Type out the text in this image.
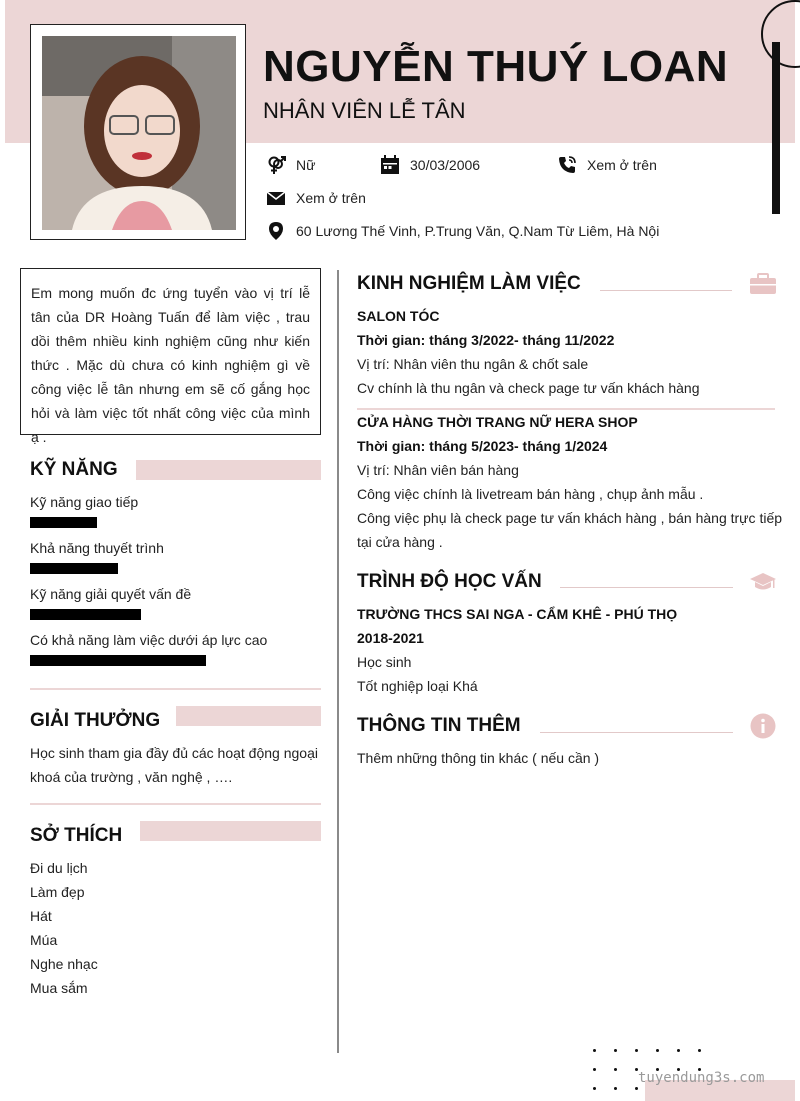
NGUYỄN THUÝ LOAN
NHÂN VIÊN LỄ TÂN
Nữ	30/03/2006	Xem ở trên
Xem ở trên
60 Lương Thế Vinh, P.Trung Văn, Q.Nam Từ Liêm, Hà Nội
Em mong muốn đc ứng tuyển vào vị trí lễ tân của DR Hoàng Tuấn để làm việc , trau dồi thêm nhiều kinh nghiệm cũng như kiến thức . Mặc dù chưa có kinh nghiệm gì về công việc lễ tân nhưng em sẽ cố gắng học hỏi và làm việc tốt nhất công việc của mình ạ .
KỸ NĂNG
Kỹ năng giao tiếp
Khả năng thuyết trình
Kỹ năng giải quyết vấn đề
Có khả năng làm việc dưới áp lực cao
GIẢI THƯỞNG
Học sinh tham gia đầy đủ các hoạt động ngoại
khoá của trường , văn nghệ , ….
SỞ THÍCH
Đi du lịch
Làm đẹp
Hát
Múa
Nghe nhạc
Mua sắm
KINH NGHIỆM LÀM VIỆC
SALON TÓC
Thời gian: tháng 3/2022- tháng 11/2022
Vị trí: Nhân viên thu ngân & chốt sale
Cv chính là thu ngân và check page tư vấn khách hàng
CỬA HÀNG THỜI TRANG NỮ HERA SHOP
Thời gian: tháng 5/2023- tháng 1/2024
Vị trí: Nhân viên bán hàng
Công việc chính là livetream bán hàng , chụp ảnh mẫu .
Công việc phụ là check page tư vấn khách hàng , bán hàng trực tiếp
tại cửa hàng .
TRÌNH ĐỘ HỌC VẤN
TRƯỜNG THCS SAI NGA - CẨM KHÊ - PHÚ THỌ
2018-2021
Học sinh
Tốt nghiệp loại Khá
THÔNG TIN THÊM
Thêm những thông tin khác ( nếu cần )
tuyendung3s.com
